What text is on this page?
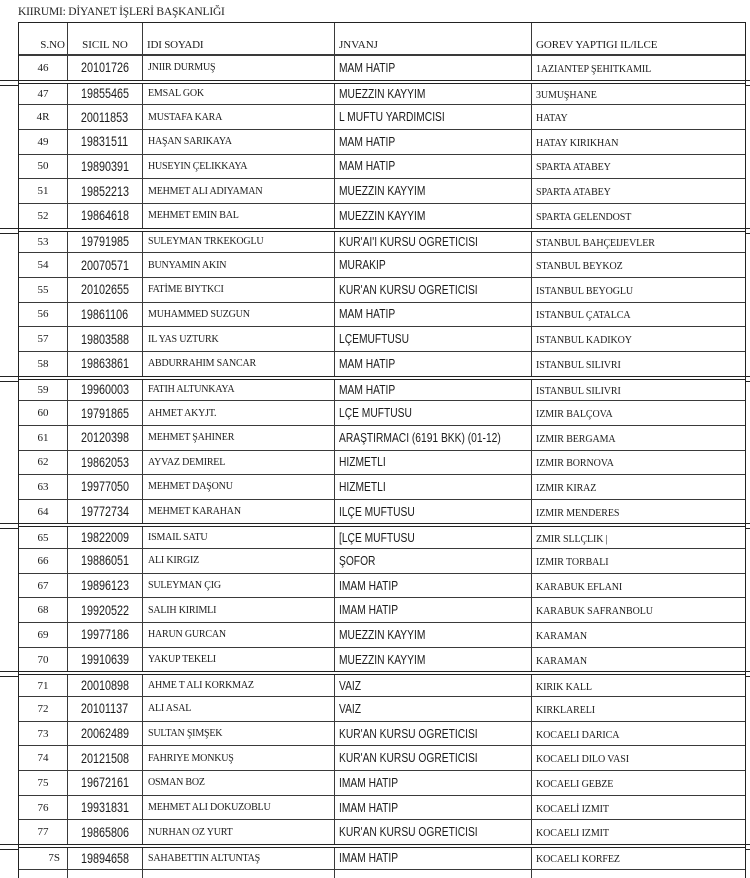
KIIRUMI: DİYANET İŞLERİ BAŞKANLIĞI
S.NO SICIL NO IDI SOYADI	JNVANJ	GOREV YAPTIGI IL/ILCE
46 20101726 JNIIR DURMUŞ	MAM HATIP	1AZIANTEP ŞEHITKAMIL
47 19855465 EMSAL GOK	MUEZZIN KAYYIM	3UMUŞHANE
4R 20011853 MUSTAFA KARA	L MUFTU YARDIMCISI	HATAY
49 19831511 HAŞAN SARIKAYA	MAM HATIP	HATAY KIRIKHAN
50 19890391 HUSEYIN ÇELIKKAYA	MAM HATIP	SPARTA ATABEY
51 19852213 MEHMET ALI ADIYAMAN	MUEZZIN KAYYIM	SPARTA ATABEY
52 19864618 MEHMET EMIN BAL	MUEZZIN KAYYIM	SPARTA GELENDOST
53 19791985 SULEYMAN TRKEKOGLU	KUR'AI'I KURSU OGRETICISI	STANBUL BAHÇEIJEVLER
54 20070571 BUNYAMIN AKIN	MURAKIP	STANBUL BEYKOZ
55 20102655 FATİME BIYTKCI	KUR'AN KURSU OGRETICISI	ISTANBUL BEYOGLU
56 19861106 MUHAMMED SUZGUN	MAM HATIP	ISTANBUL ÇATALCA
57 19803588 IL YAS UZTURK	LÇEMUFTUSU	ISTANBUL KADIKOY
58 19863861 ABDURRAHIM SANCAR	MAM HATIP	ISTANBUL SILIVRI
59 19960003 FATIH ALTUNKAYA	MAM HATIP	ISTANBUL SILIVRI
60 19791865 AHMET AKYJT.	LÇE MUFTUSU	IZMIR BALÇOVA
61 20120398 MEHMET ŞAHINER	ARAŞTIRMACI (6191 BKK) (01-12)	IZMIR BERGAMA
62 19862053 AYVAZ DEMIREL	HIZMETLI	IZMIR BORNOVA
63 19977050 MEHMET DAŞONU	HIZMETLI	IZMIR KIRAZ
64 19772734 MEHMET KARAHAN	ILÇE MUFTUSU	IZMIR MENDERES
65 19822009 ISMAIL SATU	[LÇE MUFTUSU	ZMIR SLLÇLIK |
66 19886051 ALI KIRGIZ	ŞOFOR	IZMIR TORBALI
67 19896123 SULEYMAN ÇIG	IMAM HATIP	KARABUK EFLANI
68 19920522 SALIH KIRIMLI	IMAM HATIP	KARABUK SAFRANBOLU
69 19977186 HARUN GURCAN	MUEZZIN KAYYIM	KARAMAN
70 19910639 YAKUP TEKELI	MUEZZIN KAYYIM	KARAMAN
71 20010898 AHME T ALI KORKMAZ	VAIZ	KIRIK KALL
72 20101137 ALI ASAL	VAIZ	KIRKLARELI
73 20062489 SULTAN ŞIMŞEK	KUR'AN KURSU OGRETICISI	KOCAELI DARICA
74 20121508 FAHRIYE MONKUŞ	KUR'AN KURSU OGRETICISI	KOCAELI DILO VASI
75 19672161 OSMAN BOZ	IMAM HATIP	KOCAELI GEBZE
76 19931831 MEHMET ALI DOKUZOBLU	IMAM HATIP	KOCAELİ IZMIT
77 19865806 NURHAN OZ YURT	KUR'AN KURSU OGRETICISI	KOCAELI IZMIT
7S 19894658 SAHABETTIN ALTUNTAŞ	IMAM HATIP	KOCAELI KORFEZ
